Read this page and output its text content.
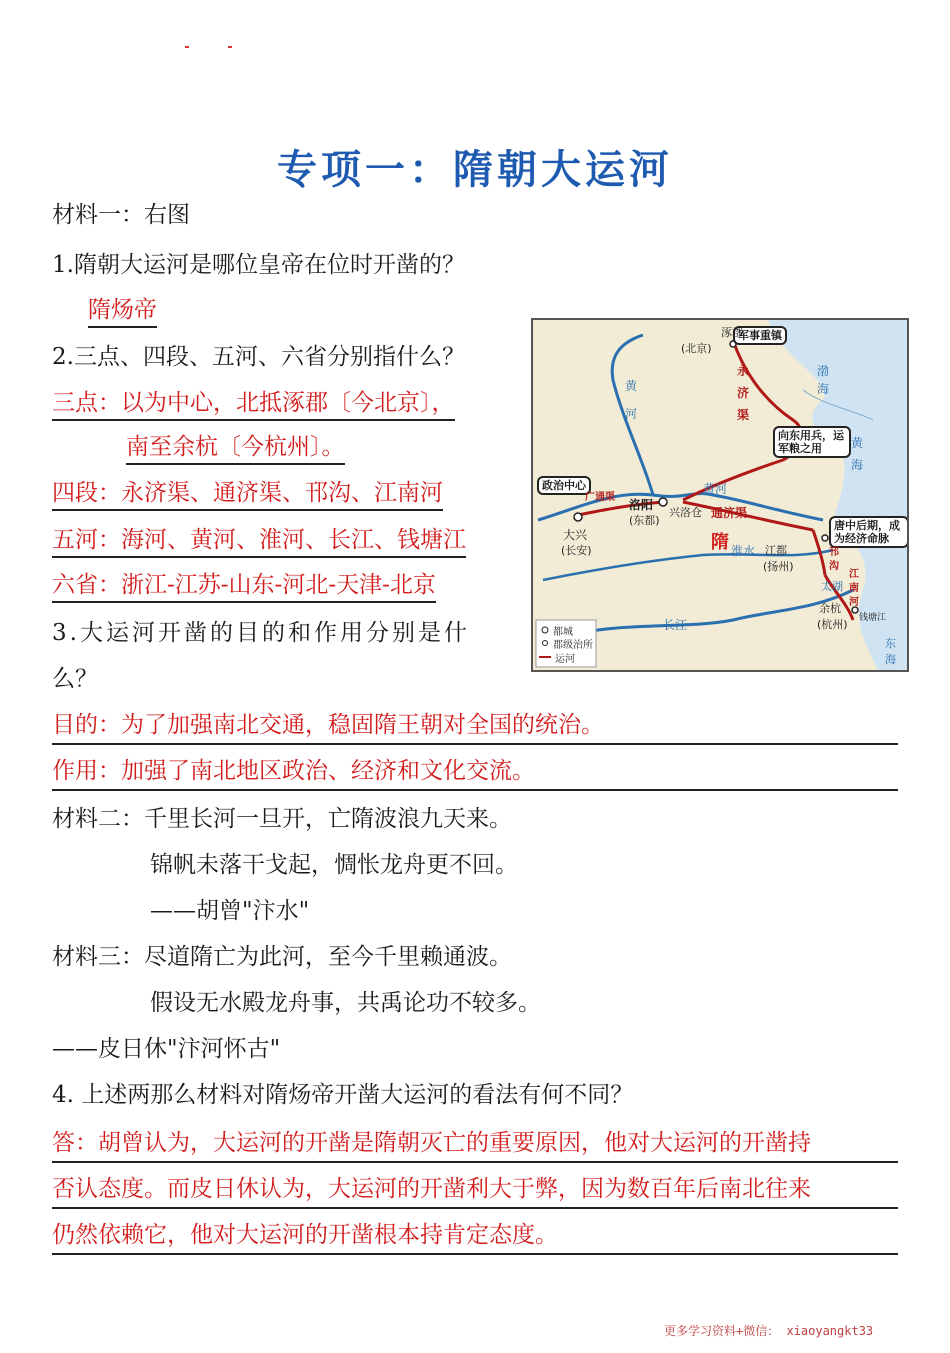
专项一：隋朝大运河
材料一：右图
1.隋朝大运河是哪位皇帝在位时开凿的？
隋炀帝
2.三点、四段、五河、六省分别指什么？
三点：以为中心，北抵涿郡〔今北京〕，
南至余杭〔今杭州〕。
四段：永济渠、通济渠、邗沟、江南河
五河：海河、黄河、淮河、长江、钱塘江
六省：浙江-江苏-山东-河北-天津-北京
3.大运河开凿的目的和作用分别是什
么？
目的：为了加强南北交通，稳固隋王朝对全国的统治。
作用：加强了南北地区政治、经济和文化交流。
材料二：千里长河一旦开，亡隋波浪九天来。
锦帆未落干戈起，惆怅龙舟更不回。
——胡曾"汴水"
材料三：尽道隋亡为此河，至今千里赖通波。
假设无水殿龙舟事，共禹论功不较多。
——皮日休"汴河怀古"
4. 上述两那么材料对隋炀帝开凿大运河的看法有何不同？
答：胡曾认为，大运河的开凿是隋朝灭亡的重要原因，他对大运河的开凿持
否认态度。而皮日休认为，大运河的开凿利大于弊，因为数百年后南北往来
仍然依赖它，他对大运河的开凿根本持肯定态度。
军事重镇
向东用兵，运军粮之用
政治中心
唐中后期，成为经济命脉
涿郡
(北京)
洛阳
(东都)
兴洛仓
大兴
(长安)	江都
(扬州)
余杭
(杭州) 钱塘江
隋
黄河
黄河
淮水
长江
渤海
黄海
东海
太湖
永济渠
通济渠
广通渠
邗沟
江南河
都城
郡级治所
运河
更多学习资料+微信： xiaoyangkt33
